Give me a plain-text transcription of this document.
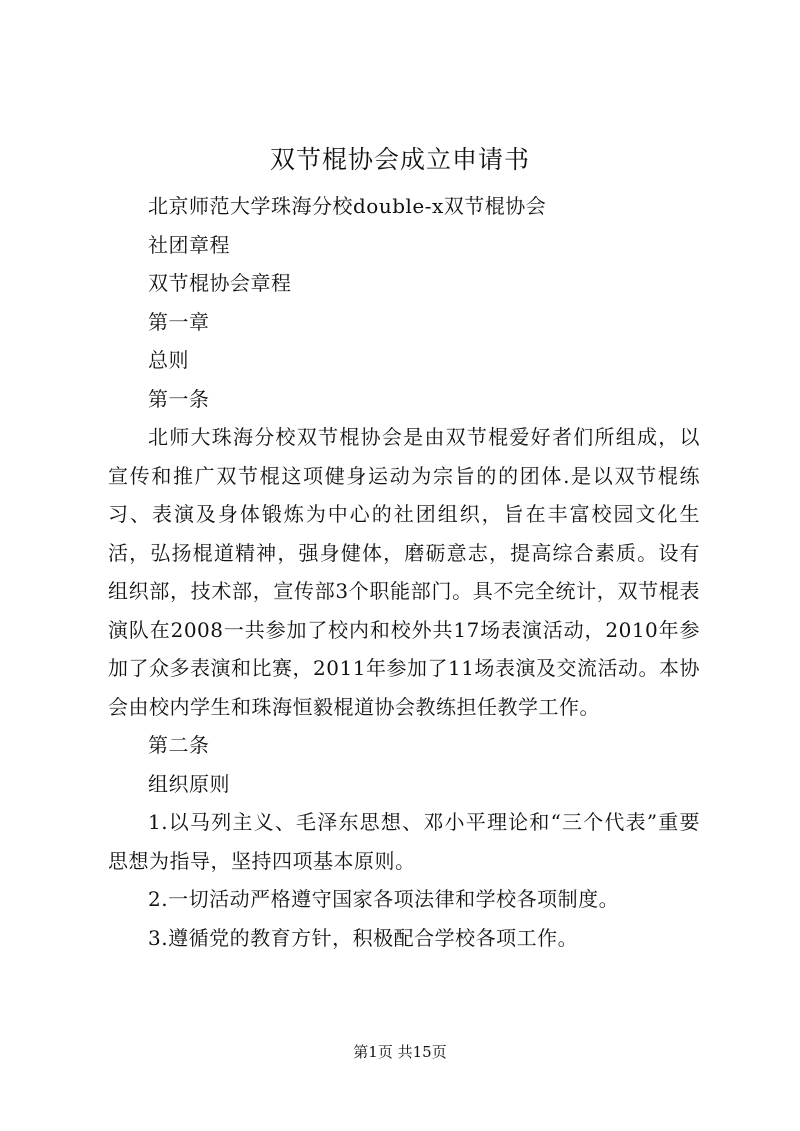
双节棍协会成立申请书

北京师范大学珠海分校double-x双节棍协会

社团章程

双节棍协会章程

第一章

总则

第一条

北师大珠海分校双节棍协会是由双节棍爱好者们所组成，以宣传和推广双节棍这项健身运动为宗旨的的团体.是以双节棍练习、表演及身体锻炼为中心的社团组织，旨在丰富校园文化生活，弘扬棍道精神，强身健体，磨砺意志，提高综合素质。设有组织部，技术部，宣传部3个职能部门。具不完全统计，双节棍表演队在2008一共参加了校内和校外共17场表演活动，2010年参加了众多表演和比赛，2011年参加了11场表演及交流活动。本协会由校内学生和珠海恒毅棍道协会教练担任教学工作。

第二条

组织原则

1.以马列主义、毛泽东思想、邓小平理论和“三个代表”重要思想为指导，坚持四项基本原则。

2.一切活动严格遵守国家各项法律和学校各项制度。

3.遵循党的教育方针，积极配合学校各项工作。

第1页 共15页
